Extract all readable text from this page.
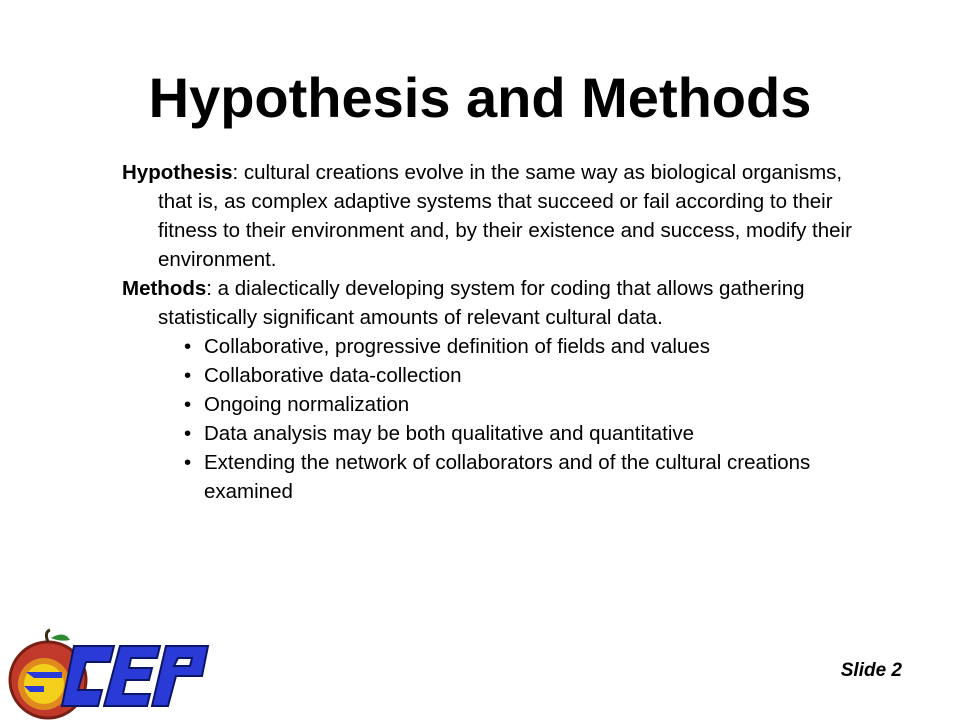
Hypothesis and Methods

Hypothesis: cultural creations evolve in the same way as biological organisms, that is, as complex adaptive systems that succeed or fail according to their fitness to their environment and, by their existence and success, modify their environment.

Methods: a dialectically developing system for coding that allows gathering statistically significant amounts of relevant cultural data.

• Collaborative, progressive definition of fields and values
• Collaborative data-collection
• Ongoing normalization
• Data analysis may be both qualitative and quantitative
• Extending the network of collaborators and of the cultural creations examined
Slide 2
